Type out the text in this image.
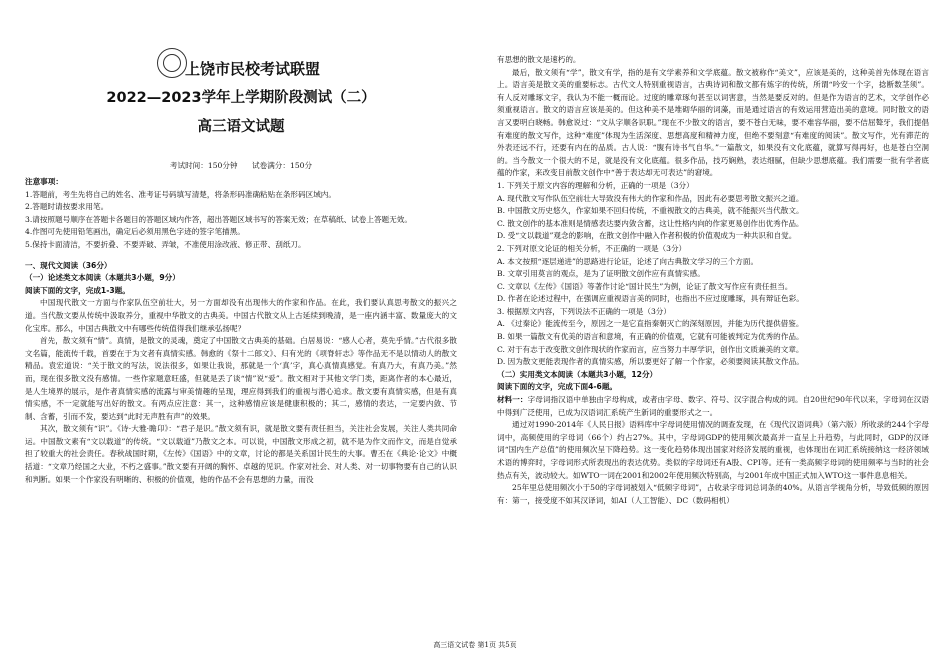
上饶市民校考试联盟
2022—2023学年上学期阶段测试（二）
高三语文试题
考试时间：150分钟 试卷满分：150分

注意事项：

1.答题前，考生先将自己的姓名、准考证号码填写清楚，将条形码准确粘贴在条形码区域内。

2.答题时请按要求用笔。

3.请按照题号顺序在答题卡各题目的答题区域内作答，超出答题区域书写的答案无效；在草稿纸、试卷上答题无效。

4.作图可先使用铅笔画出，确定后必须用黑色字迹的签字笔描黑。

5.保持卡面清洁，不要折叠、不要弄破、弄皱，不准使用涂改液、修正带、刮纸刀。

一、现代文阅读（36分）

（一）论述类文本阅读（本题共3小题，9分）

阅读下面的文字，完成1-3题。

中国现代散文一方面与作家队伍空前壮大，另一方面却没有出现伟大的作家和作品。在此，我们要认真思考散文的振兴之道。当代散文要从传统中汲取养分，重视中华散文的古典美。中国古代散文从上古延续到晚清，是一座内涵丰富、数量庞大的文化宝库。那么，中国古典散文中有哪些传统值得我们继承弘扬呢？

首先，散文须有“情”。真情，是散文的灵魂，奠定了中国散文古典美的基础。白居易说：“感人心者，莫先乎情。”古代很多散文名篇，能流传千载，首要在于为文者有真情实感。韩愈的《祭十二郎文》、归有光的《项脊轩志》等作品无不是以情动人的散文精品。袁宏道说：“关于散文的写法，说法很多，如果让我说，那就是一个‘真’字，真心真情真感觉。有真乃大，有真乃美。”然而，现在很多散文没有感情。一些作家题意旺盛，但就是丢了谈“情”说“爱”。散文相对于其他文学门类，距离作者的本心最近，是人生境界的展示，是作者真情实感的流露与审美情趣的呈现，理应得到我们的重视与潜心追求。散文要有真情实感，但是有真情实感，不一定就能写出好的散文。有两点应注意：其一，这种感情应该是健康积极的；其二，感情的表达，一定要内敛、节制、含蓄，引而不发，要达到“此时无声胜有声”的效果。

其次，散文须有“识”。《诗·大雅·瞻卬》：“君子是识。”散文须有识，就是散文要有责任担当，关注社会发展，关注人类共同命运。中国散文素有“文以载道”的传统。“文以载道”乃散文之本。可以说，中国散文形成之初，就不是为作文而作文，而是自觉承担了较重大的社会责任。春秋战国时期，《左传》《国语》中的文章，讨论的都是关系国计民生的大事。曹丕在《典论·论文》中概括道：“文章乃经国之大业，不朽之盛事。”散文要有开阔的胸怀、卓越的见识。作家对社会、对人类、对一切事物要有自己的认识和判断。如果一个作家没有明晰的、积极的价值观，他的作品不会有思想的力量，而没

有思想的散文是速朽的。

最后，散文须有“学”，散文有学，指的是有文学素养和文学底蕴。散文被称作“美文”，应该是美的，这种美首先体现在语言上。语言美是散文美的重要标志。古代文人特别重视语言，古典诗词和散文都有炼字的传统，所谓“吟安一个字，捻断数茎须”。有人反对雕琢文字，我认为不能一概而论。过度的雕章琢句甚至以词害意，当然是要反对的。但是作为语言的艺术，文学创作必须重视语言。散文的语言应该是美的。但这种美不是堆砌华丽的词藻，而是通过语言的有效运用营造出美的意境。同时散文的语言又要明白晓畅。韩愈说过：“文从字顺各识职。”现在不少散文的语言，要不苍白无味，要不难容华丽，要不佶屈聱牙，我们提倡有难度的散文写作，这种“难度”体现为生活深度、思想高度和精神力度，但绝不要刻意“有难度的阅读”。散文写作，光有滞茫的外表还远不行，还要有内在的品质。古人说：“腹有诗书气自华。”一篇散文，如果没有文化底蕴，就算写得再好，也是苍白空洞的。当今散文一个很大的不足，就是没有文化底蕴。很多作品，技巧娴熟，表达细腻，但缺少思想底蕴。我们需要一批有学者底蕴的作家，来改变目前散文创作中“善于表达却无可表达”的窘境。

1. 下列关于原文内容的理解和分析，正确的一项是（3分）

A. 现代散文写作队伍空前壮大导致没有伟大的作家和作品，因此有必要思考散文振兴之道。

B. 中国散文历史悠久，作家如果不回归传统，不重视散文的古典美，就不能振兴当代散文。

C. 散文创作的基本准则是情感表达要内敛含蓄，这让性格内向的作家更易创作出优秀作品。

D. 受“文以载道”观念的影响，在散文创作中融入作者积极的价值观成为一种共识和自觉。

2. 下列对原文论证的相关分析，不正确的一项是（3分）

A. 本文按照“逐层递进”的思路进行论证，论述了向古典散文学习的三个方面。

B. 文章引用莫言的观点，是为了证明散文创作应有真情实感。

C. 文章以《左传》《国语》等著作讨论“国计民生”为例，论证了散文写作应有责任担当。

D. 作者在论述过程中，在强调应重视语言美的同时，也指出不应过度雕琢，具有辩证色彩。

3. 根据原文内容，下列说法不正确的一项是（3分）

A. 《过秦论》能流传至今，原因之一是它直指秦朝灭亡的深刻原因，并能为历代提供借鉴。

B. 如果一篇散文有优美的语言和意境，有正确的价值观，它就有可能被判定为优秀的作品。

C. 对于有志于改变散文创作现状的作家而言，应当努力丰厚学识，创作出文质兼美的文章。

D. 因为散文更能表现作者的真情实感，所以要更好了解一个作家，必须要阅读其散文作品。

（二）实用类文本阅读（本题共3小题，12分）

阅读下面的文字，完成下面4-6题。

材料一：字母词指汉语中单独由字母构成，或者由字母、数字、符号、汉字混合构成的词。自20世纪90年代以来，字母词在汉语中得到广泛使用，已成为汉语词汇系统产生新词的重要形式之一。

通过对1990-2014年《人民日报》语料库中字母词使用情况的调查发现，在《现代汉语词典》（第六版）所收录的244个字母词中，高频使用的字母词（66个）约占27%。其中，字母词GDP的使用频次最高并一直呈上升趋势，与此同时，GDP的汉译词“国内生产总值”的使用频次呈下降趋势。这一变化趋势体现出国家对经济发展的重视，也体现出在词汇系统接纳这一经济领域术语的博弈时，字母词形式所表现出的表达优势。类似的字母词还有A股、CPI等。还有一类高频字母词的使用频率与当时的社会热点有关，波动较大。如WTO一词在2001和2002年使用频次特别高，与2001年成中国正式加入WTO这一事件息息相关。

25年里总使用频次小于50的字母词被划入“低频字母词”，占收录字母词总词条的40%。从语言学视角分析，导致低频的原因有：第一，接受度不如其汉译词，如AI（人工智能）、DC（数码相机）

高三语文试卷 第1页 共5页
